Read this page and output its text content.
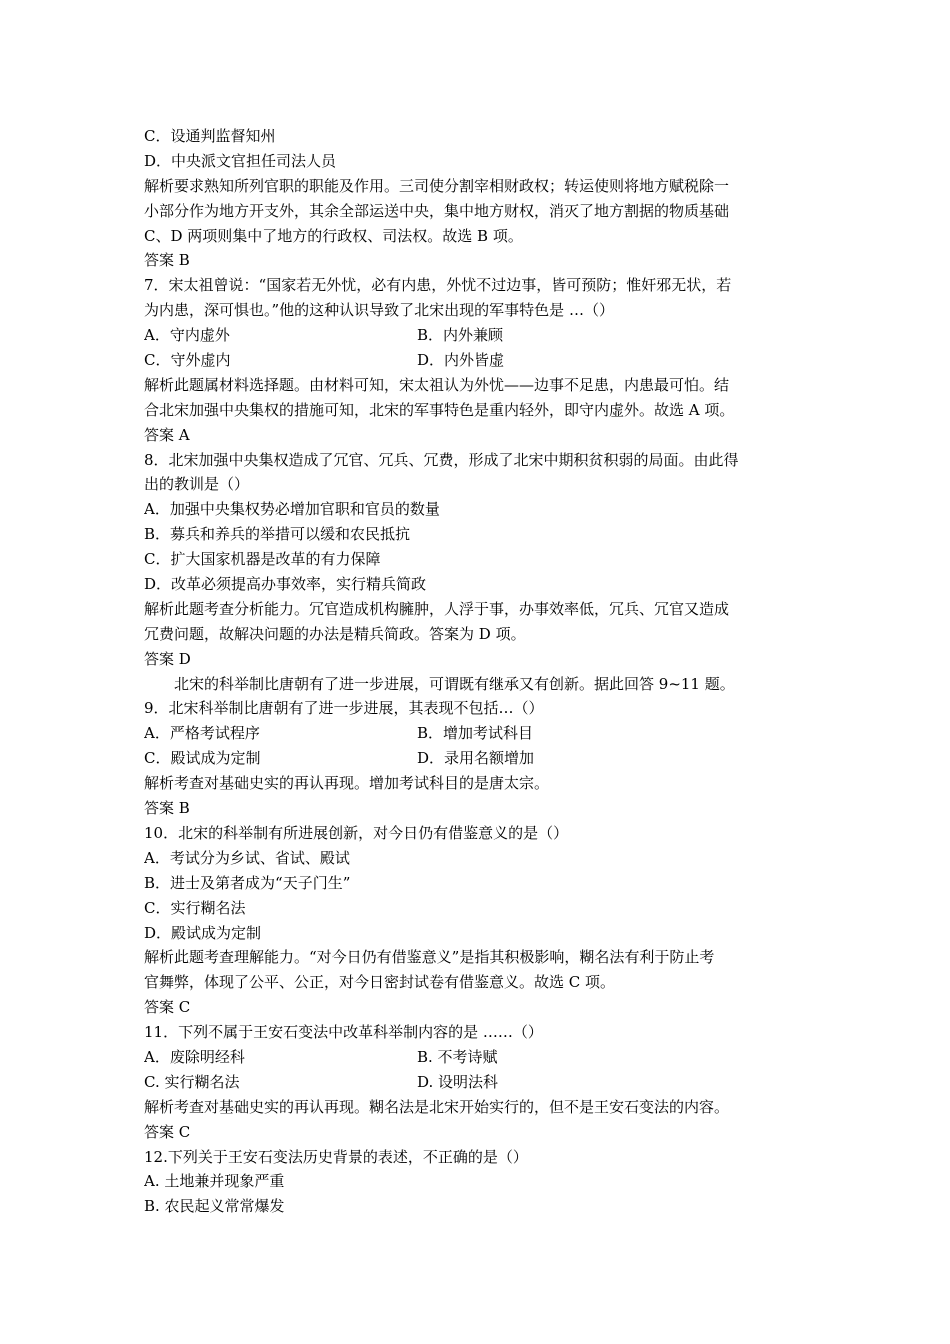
C．设通判监督知州
D．中央派文官担任司法人员
解析要求熟知所列官职的职能及作用。三司使分割宰相财政权；转运使则将地方赋税除一
小部分作为地方开支外，其余全部运送中央，集中地方财权，消灭了地方割据的物质基础
C、D 两项则集中了地方的行政权、司法权。故选 B 项。
答案 B
7．宋太祖曾说：“国家若无外忧，必有内患，外忧不过边事，皆可预防；惟奸邪无状，若
为内患，深可惧也。”他的这种认识导致了北宋出现的军事特色是 …（）
A．守内虚外	B．内外兼顾
C．守外虚内	D．内外皆虚
解析此题属材料选择题。由材料可知，宋太祖认为外忧——边事不足患，内患最可怕。结
合北宋加强中央集权的措施可知，北宋的军事特色是重内轻外，即守内虚外。故选 A 项。
答案 A
8．北宋加强中央集权造成了冗官、冗兵、冗费，形成了北宋中期积贫积弱的局面。由此得
出的教训是（）
A．加强中央集权势必增加官职和官员的数量
B．募兵和养兵的举措可以缓和农民抵抗
C．扩大国家机器是改革的有力保障
D．改革必须提高办事效率，实行精兵简政
解析此题考查分析能力。冗官造成机构臃肿，人浮于事，办事效率低，冗兵、冗官又造成
冗费问题，故解决问题的办法是精兵简政。答案为 D 项。
答案 D
北宋的科举制比唐朝有了进一步进展，可谓既有继承又有创新。据此回答 9~11 题。
9．北宋科举制比唐朝有了进一步进展，其表现不包括…（）
A．严格考试程序	B．增加考试科目
C．殿试成为定制	D．录用名额增加
解析考查对基础史实的再认再现。增加考试科目的是唐太宗。
答案 B
10．北宋的科举制有所进展创新，对今日仍有借鉴意义的是（）
A．考试分为乡试、省试、殿试
B．进士及第者成为“天子门生”
C．实行糊名法
D．殿试成为定制
解析此题考查理解能力。“对今日仍有借鉴意义”是指其积极影响，糊名法有利于防止考
官舞弊，体现了公平、公正，对今日密封试卷有借鉴意义。故选 C 项。
答案 C
11．下列不属于王安石变法中改革科举制内容的是 ……（）
A．废除明经科	B. 不考诗赋
C. 实行糊名法	D. 设明法科
解析考查对基础史实的再认再现。糊名法是北宋开始实行的，但不是王安石变法的内容。
答案 C
12.下列关于王安石变法历史背景的表述，不正确的是（）
A. 土地兼并现象严重
B. 农民起义常常爆发
